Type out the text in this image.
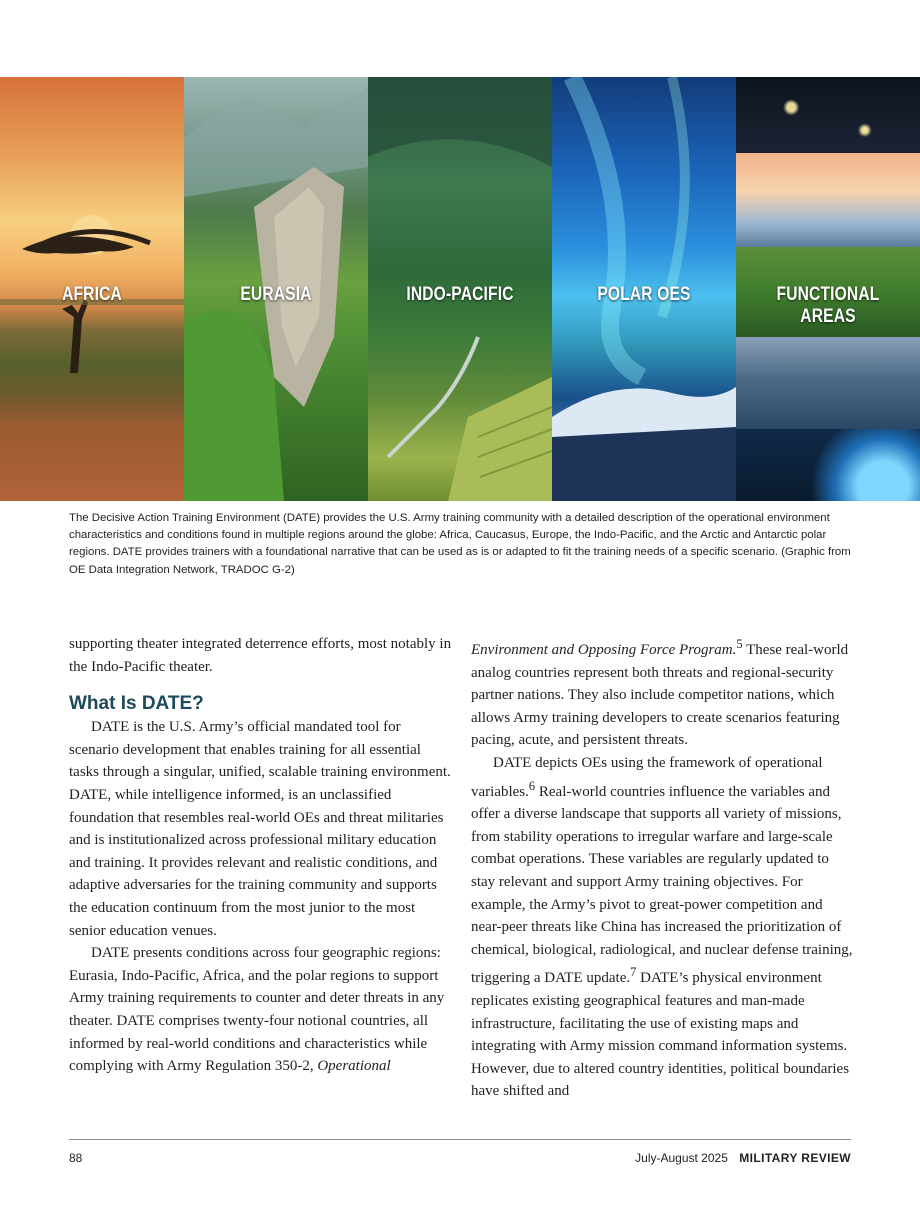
AFRICA	EURASIA	INDO-PACIFIC	POLAR OES	FUNCTIONAL AREAS

The Decisive Action Training Environment (DATE) provides the U.S. Army training community with a detailed description of the operational environment characteristics and conditions found in multiple regions around the globe: Africa, Caucasus, Europe, the Indo-Pacific, and the Arctic and Antarctic polar regions. DATE provides trainers with a foundational narrative that can be used as is or adapted to fit the training needs of a specific scenario. (Graphic from OE Data Integration Network, TRADOC G-2)

supporting theater integrated deterrence efforts, most notably in the Indo-Pacific theater.

What Is DATE?

DATE is the U.S. Army’s official mandated tool for scenario development that enables training for all essential tasks through a singular, unified, scalable training environment. DATE, while intelligence informed, is an unclassified foundation that resembles real-world OEs and threat militaries and is institutionalized across professional military education and training. It provides relevant and realistic conditions, and adaptive adversaries for the training community and supports the education continuum from the most junior to the most senior education venues.

DATE presents conditions across four geographic regions: Eurasia, Indo-Pacific, Africa, and the polar regions to support Army training requirements to counter and deter threats in any theater. DATE comprises twenty-four notional countries, all informed by real-world conditions and characteristics while complying with Army Regulation 350-2, Operational

Environment and Opposing Force Program.$^5$ These real-world analog countries represent both threats and regional-security partner nations. They also include competitor nations, which allows Army training developers to create scenarios featuring pacing, acute, and persistent threats.

DATE depicts OEs using the framework of operational variables.$^6$ Real-world countries influence the variables and offer a diverse landscape that supports all variety of missions, from stability operations to irregular warfare and large-scale combat operations. These variables are regularly updated to stay relevant and support Army training objectives. For example, the Army’s pivot to great-power competition and near-peer threats like China has increased the prioritization of chemical, biological, radiological, and nuclear defense training, triggering a DATE update.$^7$ DATE’s physical environment replicates existing geographical features and man-made infrastructure, facilitating the use of existing maps and integrating with Army mission command information systems. However, due to altered country identities, political boundaries have shifted and

88	July-August 2025 MILITARY REVIEW
